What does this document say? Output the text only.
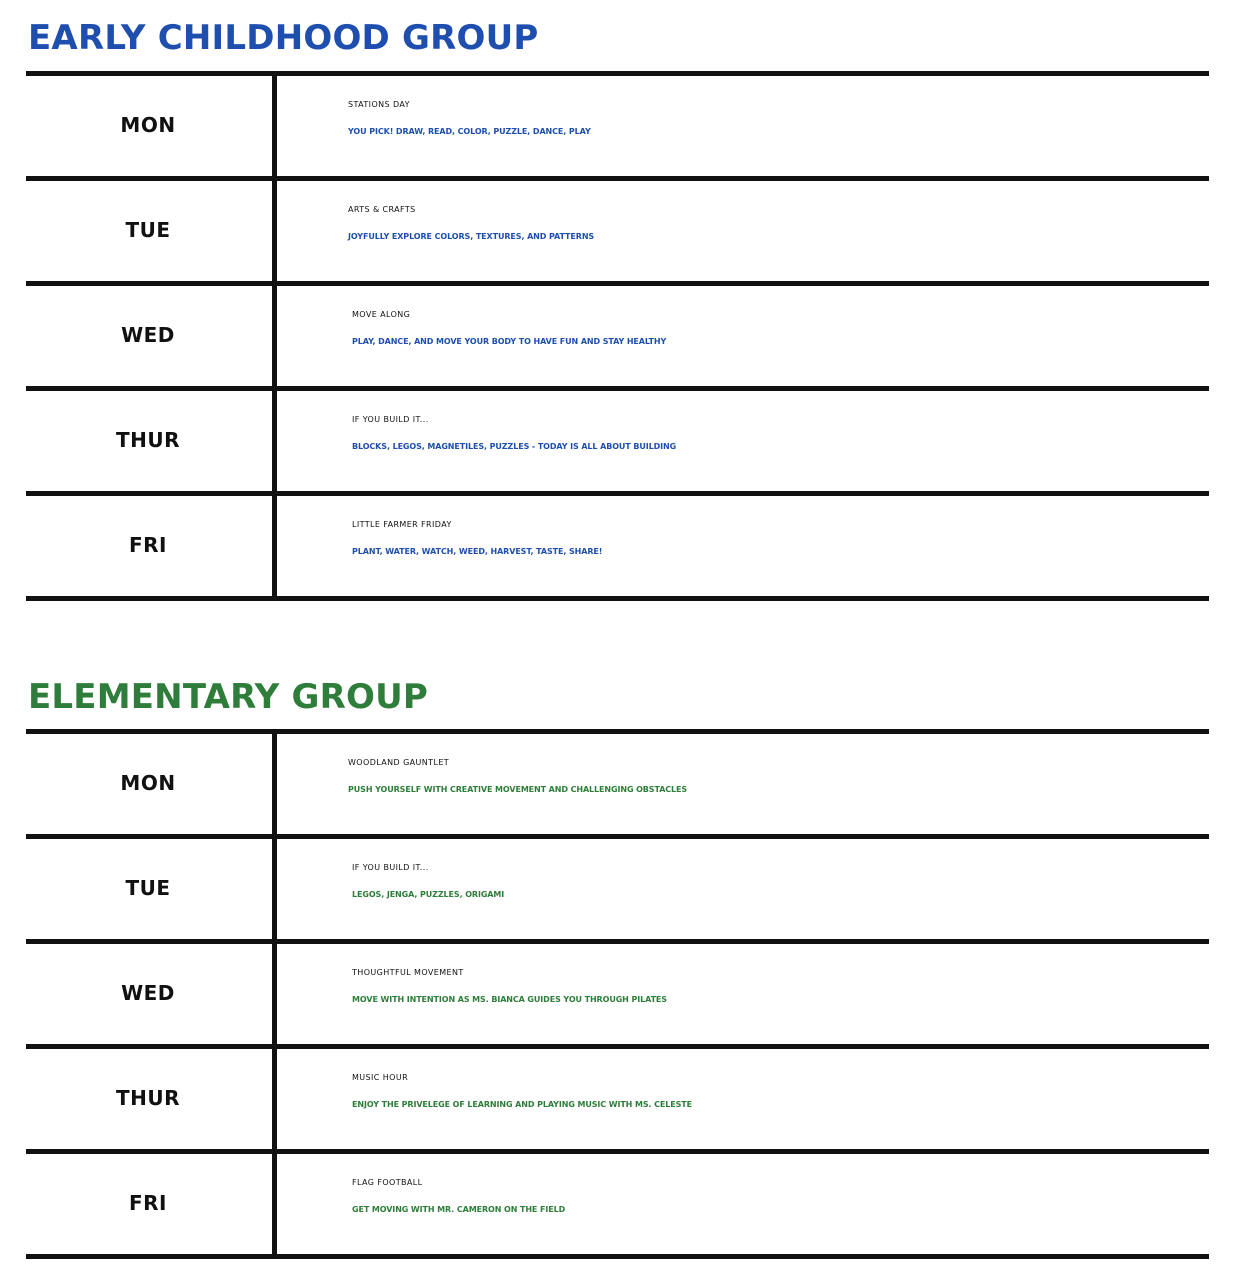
EARLY CHILDHOOD GROUP
MON
STATIONS DAY
YOU PICK! DRAW, READ, COLOR, PUZZLE, DANCE, PLAY
TUE
ARTS & CRAFTS
JOYFULLY EXPLORE COLORS, TEXTURES, AND PATTERNS
WED
MOVE ALONG
PLAY, DANCE, AND MOVE YOUR BODY TO HAVE FUN AND STAY HEALTHY
THUR
IF YOU BUILD IT...
BLOCKS, LEGOS, MAGNETILES, PUZZLES - TODAY IS ALL ABOUT BUILDING
FRI
LITTLE FARMER FRIDAY
PLANT, WATER, WATCH, WEED, HARVEST, TASTE, SHARE!
ELEMENTARY GROUP
MON
WOODLAND GAUNTLET
PUSH YOURSELF WITH CREATIVE MOVEMENT AND CHALLENGING OBSTACLES
TUE
IF YOU BUILD IT...
LEGOS, JENGA, PUZZLES, ORIGAMI
WED
THOUGHTFUL MOVEMENT
MOVE WITH INTENTION AS MS. BIANCA GUIDES YOU THROUGH PILATES
THUR
MUSIC HOUR
ENJOY THE PRIVELEGE OF LEARNING AND PLAYING MUSIC WITH MS. CELESTE
FRI
FLAG FOOTBALL
GET MOVING WITH MR. CAMERON ON THE FIELD
